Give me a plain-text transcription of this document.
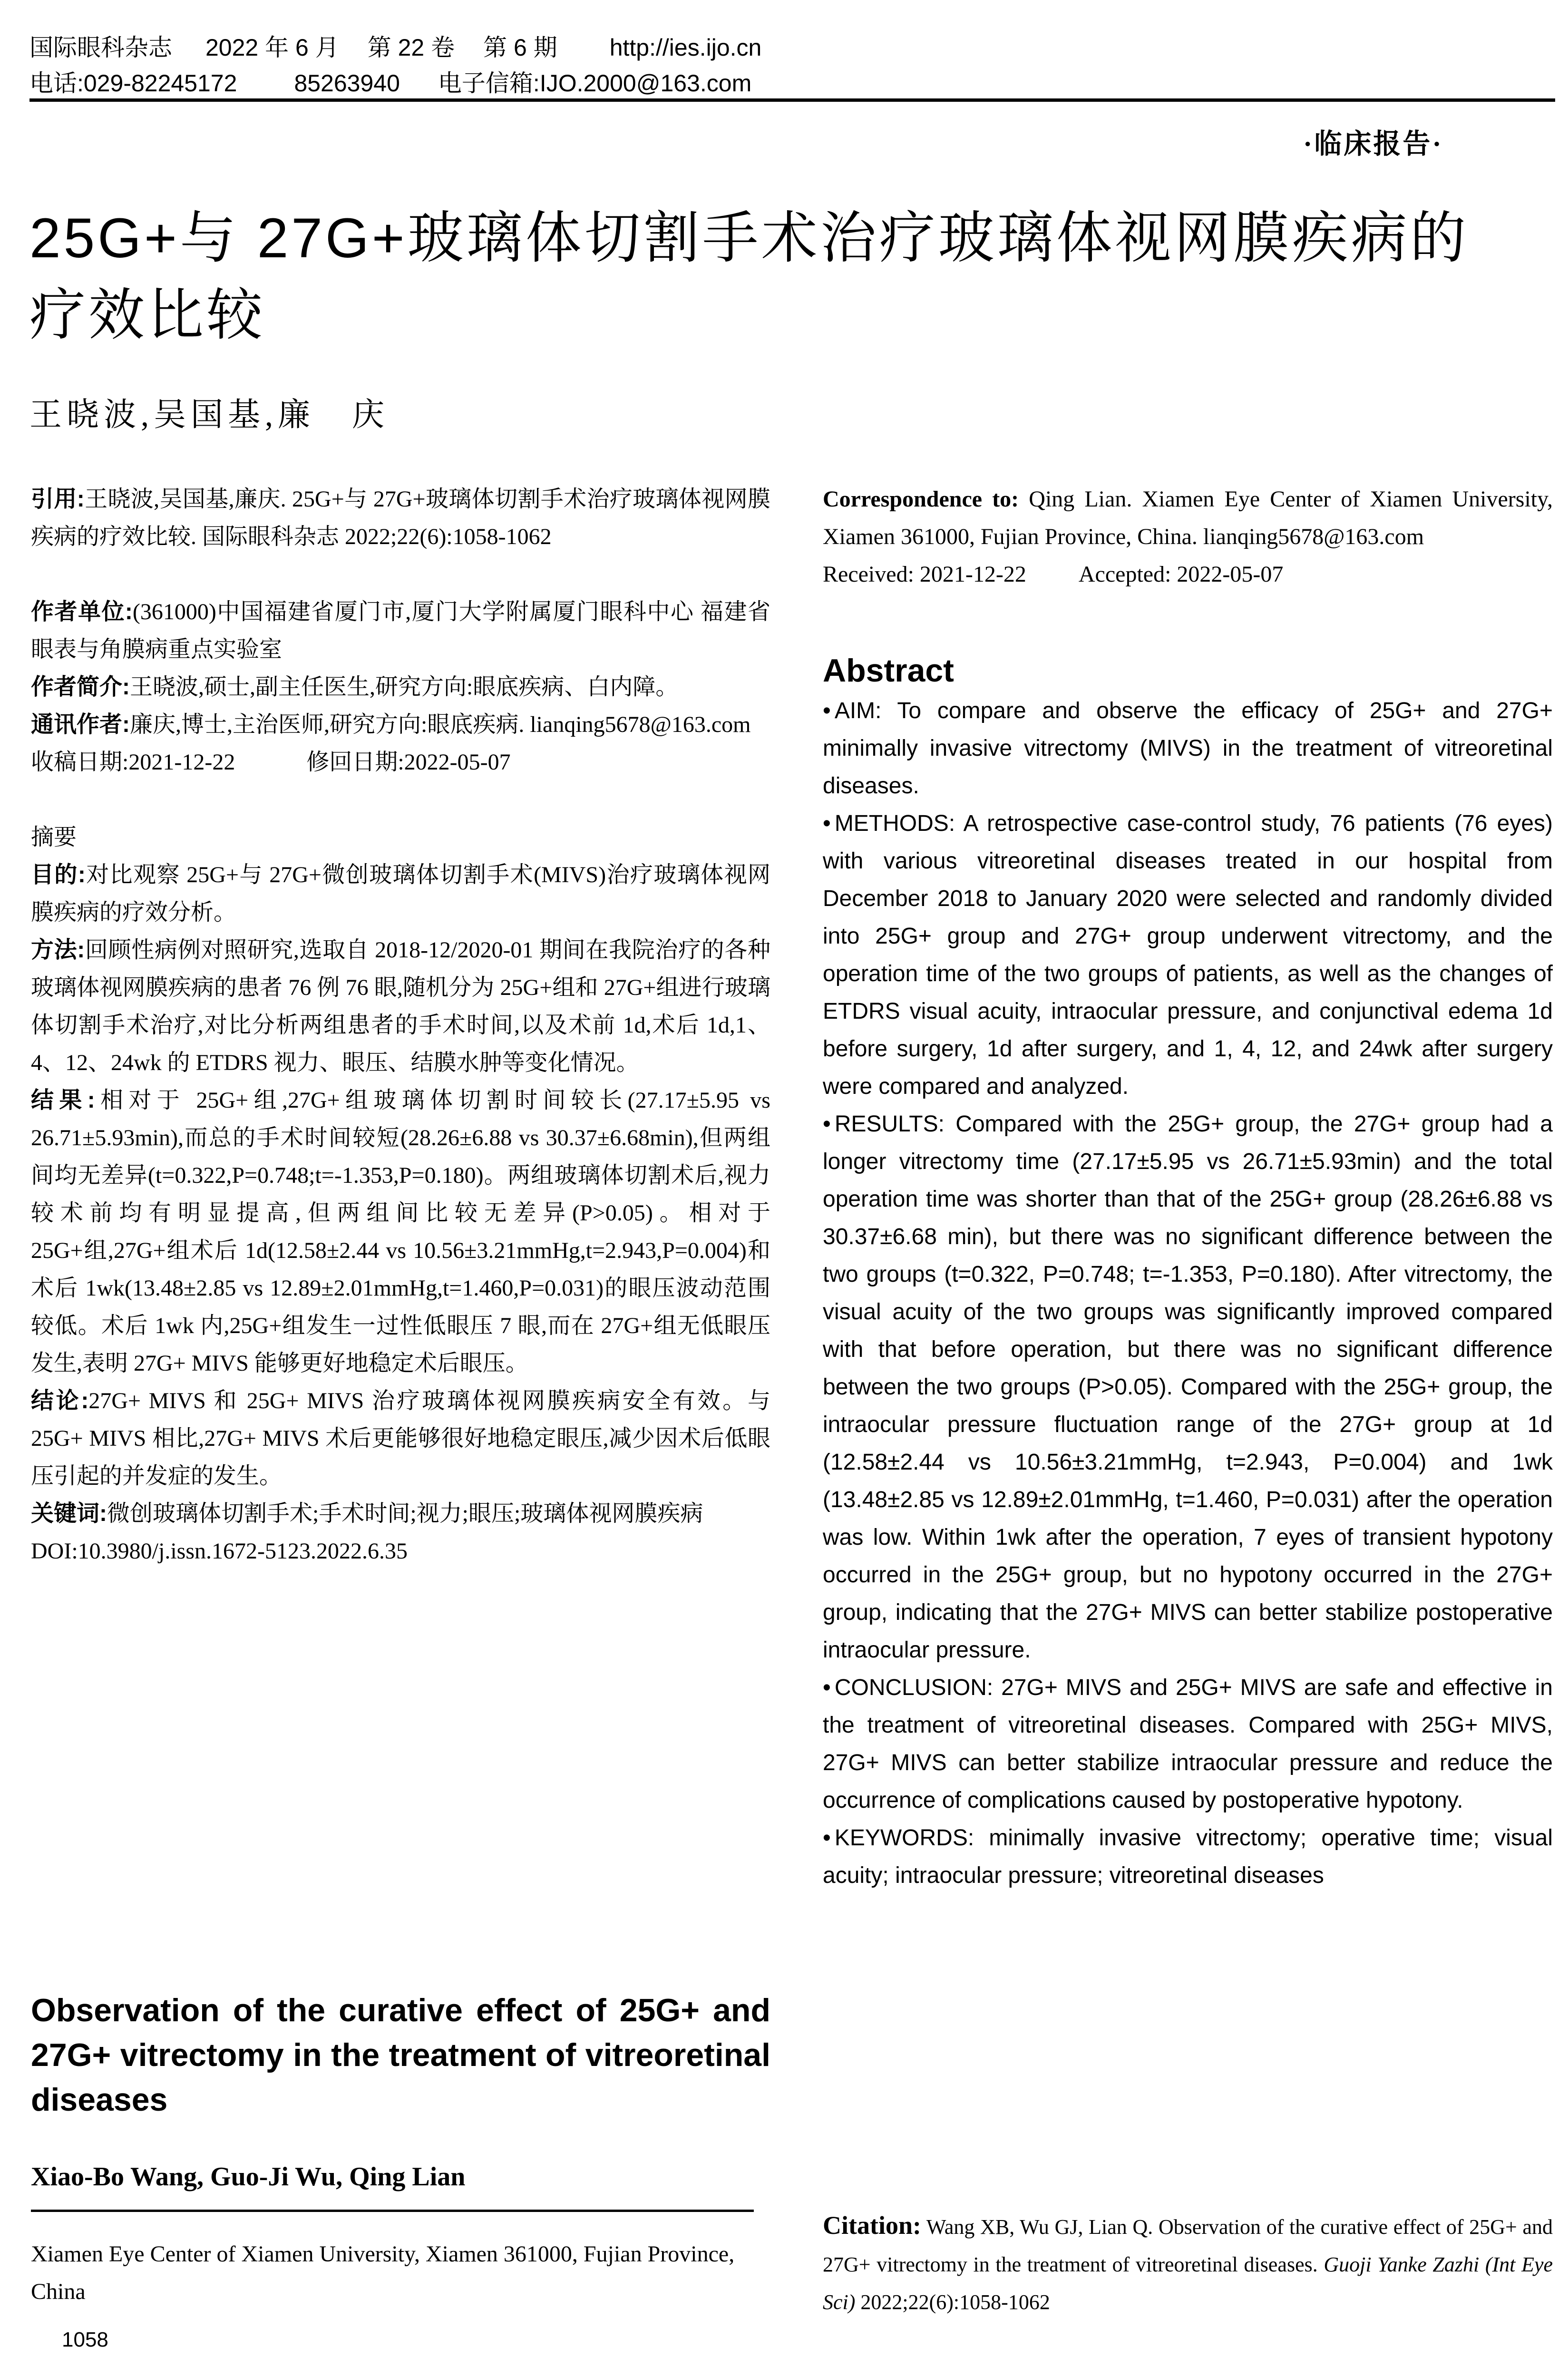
国际眼科杂志 2022 年 6 月 第 22 卷 第 6 期 http://ies.ijo.cn
电话:029-82245172 85263940 电子信箱:IJO.2000@163.com
·临床报告·
25G+与 27G+玻璃体切割手术治疗玻璃体视网膜疾病的
疗效比较
王晓波,吴国基,廉　庆

引用:王晓波,吴国基,廉庆. 25G+与 27G+玻璃体切割手术治疗玻璃体视网膜疾病的疗效比较. 国际眼科杂志 2022;22(6):1058-1062

作者单位:(361000)中国福建省厦门市,厦门大学附属厦门眼科中心 福建省眼表与角膜病重点实验室

作者简介:王晓波,硕士,副主任医生,研究方向:眼底疾病、白内障。

通讯作者:廉庆,博士,主治医师,研究方向:眼底疾病. lianqing5678@163.com

收稿日期:2021-12-22	修回日期:2022-05-07

摘要

目的:对比观察 25G+与 27G+微创玻璃体切割手术(MIVS)治疗玻璃体视网膜疾病的疗效分析。

方法:回顾性病例对照研究,选取自 2018-12/2020-01 期间在我院治疗的各种玻璃体视网膜疾病的患者 76 例 76 眼,随机分为 25G+组和 27G+组进行玻璃体切割手术治疗,对比分析两组患者的手术时间,以及术前 1d,术后 1d,1、4、12、24wk 的 ETDRS 视力、眼压、结膜水肿等变化情况。

结果:相对于 25G+组,27G+组玻璃体切割时间较长(27.17±5.95 vs 26.71±5.93min),而总的手术时间较短(28.26±6.88 vs 30.37±6.68min),但两组间均无差异(t=0.322,P=0.748;t=-1.353,P=0.180)。两组玻璃体切割术后,视力较术前均有明显提高,但两组间比较无差异(P>0.05)。相对于 25G+组,27G+组术后 1d(12.58±2.44 vs 10.56±3.21mmHg,t=2.943,P=0.004)和术后 1wk(13.48±2.85 vs 12.89±2.01mmHg,t=1.460,P=0.031)的眼压波动范围较低。术后 1wk 内,25G+组发生一过性低眼压 7 眼,而在 27G+组无低眼压发生,表明 27G+ MIVS 能够更好地稳定术后眼压。

结论:27G+ MIVS 和 25G+ MIVS 治疗玻璃体视网膜疾病安全有效。与 25G+ MIVS 相比,27G+ MIVS 术后更能够很好地稳定眼压,减少因术后低眼压引起的并发症的发生。

关键词:微创玻璃体切割手术;手术时间;视力;眼压;玻璃体视网膜疾病

DOI:10.3980/j.issn.1672-5123.2022.6.35

Observation of the curative effect of 25G+ and 27G+ vitrectomy in the treatment of vitreoretinal diseases

Xiao-Bo Wang, Guo-Ji Wu, Qing Lian

Xiamen Eye Center of Xiamen University, Xiamen 361000, Fujian Province, China

1058

Correspondence to: Qing Lian. Xiamen Eye Center of Xiamen University, Xiamen 361000, Fujian Province, China. lianqing5678@163.com

Received: 2021-12-22 Accepted: 2022-05-07

Abstract

• AIM: To compare and observe the efficacy of 25G+ and 27G+ minimally invasive vitrectomy (MIVS) in the treatment of vitreoretinal diseases.

• METHODS: A retrospective case-control study, 76 patients (76 eyes) with various vitreoretinal diseases treated in our hospital from December 2018 to January 2020 were selected and randomly divided into 25G+ group and 27G+ group underwent vitrectomy, and the operation time of the two groups of patients, as well as the changes of ETDRS visual acuity, intraocular pressure, and conjunctival edema 1d before surgery, 1d after surgery, and 1, 4, 12, and 24wk after surgery were compared and analyzed.

• RESULTS: Compared with the 25G+ group, the 27G+ group had a longer vitrectomy time (27.17±5.95 vs 26.71±5.93min) and the total operation time was shorter than that of the 25G+ group (28.26±6.88 vs 30.37±6.68 min), but there was no significant difference between the two groups (t=0.322, P=0.748; t=-1.353, P=0.180). After vitrectomy, the visual acuity of the two groups was significantly improved compared with that before operation, but there was no significant difference between the two groups (P>0.05). Compared with the 25G+ group, the intraocular pressure fluctuation range of the 27G+ group at 1d (12.58±2.44 vs 10.56±3.21mmHg, t=2.943, P=0.004) and 1wk (13.48±2.85 vs 12.89±2.01mmHg, t=1.460, P=0.031) after the operation was low. Within 1wk after the operation, 7 eyes of transient hypotony occurred in the 25G+ group, but no hypotony occurred in the 27G+ group, indicating that the 27G+ MIVS can better stabilize postoperative intraocular pressure.

• CONCLUSION: 27G+ MIVS and 25G+ MIVS are safe and effective in the treatment of vitreoretinal diseases. Compared with 25G+ MIVS, 27G+ MIVS can better stabilize intraocular pressure and reduce the occurrence of complications caused by postoperative hypotony.

• KEYWORDS: minimally invasive vitrectomy; operative time; visual acuity; intraocular pressure; vitreoretinal diseases

Citation: Wang XB, Wu GJ, Lian Q. Observation of the curative effect of 25G+ and 27G+ vitrectomy in the treatment of vitreoretinal diseases. Guoji Yanke Zazhi (Int Eye Sci) 2022;22(6):1058-1062
